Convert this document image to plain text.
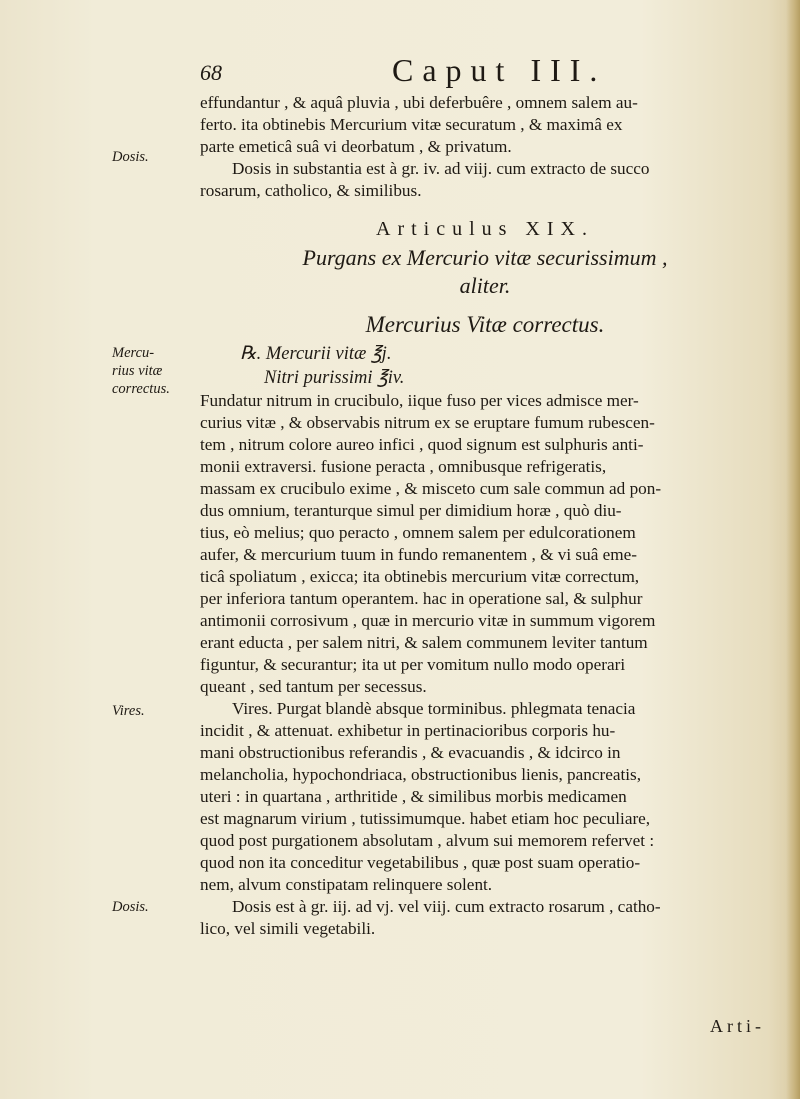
68	Caput III.
Dosis.
Mercu-
rius vitæ
correctus.
Vires.
Dosis.

effundantur , & aquâ pluvia , ubi deferbuêre , omnem salem au-

ferto. ita obtinebis Mercurium vitæ securatum , & maximâ ex

parte emeticâ suâ vi deorbatum , & privatum.

Dosis in substantia est à gr. iv. ad viij. cum extracto de succo

rosarum, catholico, & similibus.

Articulus XIX.
Purgans ex Mercurio vitæ securissimum ,
aliter.
Mercurius Vitæ correctus.
℞. Mercurii vitæ ℥j.
Nitri purissimi ℥iv.

Fundatur nitrum in crucibulo, iique fuso per vices admisce mer-

curius vitæ , & observabis nitrum ex se eruptare fumum rubescen-

tem , nitrum colore aureo infici , quod signum est sulphuris anti-

monii extraversi. fusione peracta , omnibusque refrigeratis,

massam ex crucibulo exime , & misceto cum sale commun ad pon-

dus omnium, teranturque simul per dimidium horæ , quò diu-

tius, eò melius; quo peracto , omnem salem per edulcorationem

aufer, & mercurium tuum in fundo remanentem , & vi suâ eme-

ticâ spoliatum , exicca; ita obtinebis mercurium vitæ correctum,

per inferiora tantum operantem. hac in operatione sal, & sulphur

antimonii corrosivum , quæ in mercurio vitæ in summum vigorem

erant educta , per salem nitri, & salem communem leviter tantum

figuntur, & securantur; ita ut per vomitum nullo modo operari

queant , sed tantum per secessus.

Vires. Purgat blandè absque torminibus. phlegmata tenacia

incidit , & attenuat. exhibetur in pertinacioribus corporis hu-

mani obstructionibus referandis , & evacuandis , & idcirco in

melancholia, hypochondriaca, obstructionibus lienis, pancreatis,

uteri : in quartana , arthritide , & similibus morbis medicamen

est magnarum virium , tutissimumque. habet etiam hoc peculiare,

quod post purgationem absolutam , alvum sui memorem refervet :

quod non ita conceditur vegetabilibus , quæ post suam operatio-

nem, alvum constipatam relinquere solent.

Dosis est à gr. iij. ad vj. vel viij. cum extracto rosarum , catho-

lico, vel simili vegetabili.

Arti-
